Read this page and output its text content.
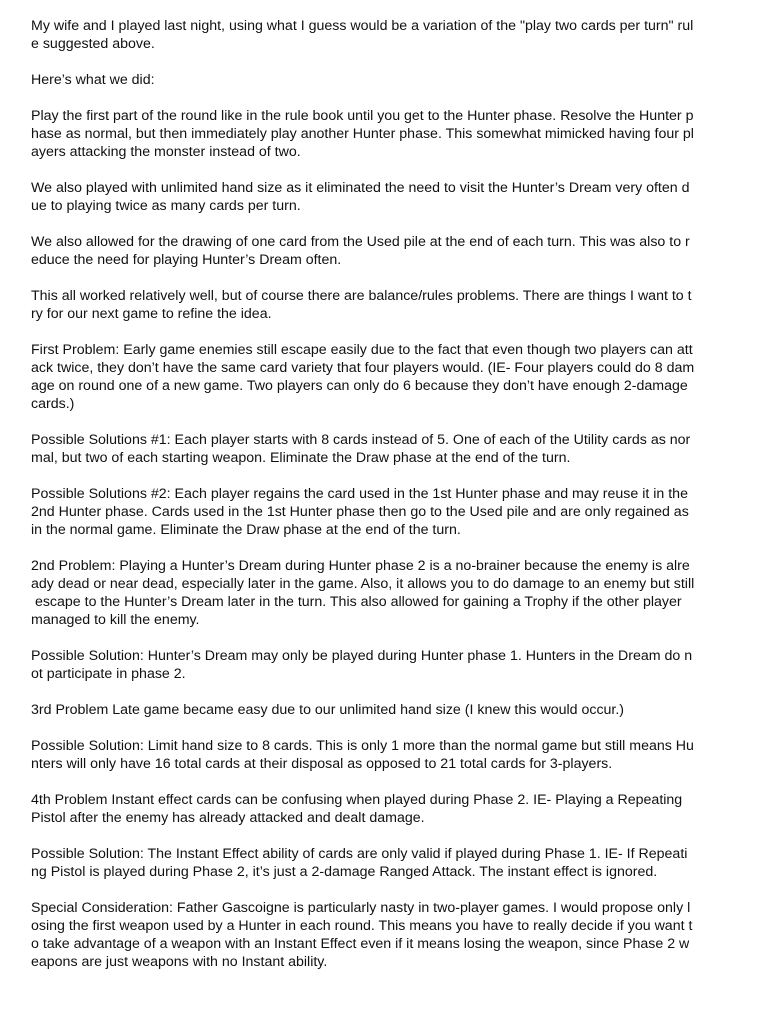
My wife and I played last night, using what I guess would be a variation of the "play two cards per turn" rul
e suggested above.
Here’s what we did:
Play the first part of the round like in the rule book until you get to the Hunter phase. Resolve the Hunter p
hase as normal, but then immediately play another Hunter phase. This somewhat mimicked having four pl
ayers attacking the monster instead of two.
We also played with unlimited hand size as it eliminated the need to visit the Hunter’s Dream very often d
ue to playing twice as many cards per turn.
We also allowed for the drawing of one card from the Used pile at the end of each turn. This was also to r
educe the need for playing Hunter’s Dream often.
This all worked relatively well, but of course there are balance/rules problems. There are things I want to t
ry for our next game to refine the idea.
First Problem: Early game enemies still escape easily due to the fact that even though two players can att
ack twice, they don’t have the same card variety that four players would. (IE- Four players could do 8 dam
age on round one of a new game. Two players can only do 6 because they don’t have enough 2-damage
cards.)
Possible Solutions #1: Each player starts with 8 cards instead of 5. One of each of the Utility cards as nor
mal, but two of each starting weapon. Eliminate the Draw phase at the end of the turn.
Possible Solutions #2: Each player regains the card used in the 1st Hunter phase and may reuse it in the
2nd Hunter phase. Cards used in the 1st Hunter phase then go to the Used pile and are only regained as
in the normal game. Eliminate the Draw phase at the end of the turn.
2nd Problem: Playing a Hunter’s Dream during Hunter phase 2 is a no-brainer because the enemy is alre
ady dead or near dead, especially later in the game. Also, it allows you to do damage to an enemy but still
escape to the Hunter’s Dream later in the turn. This also allowed for gaining a Trophy if the other player
managed to kill the enemy.
Possible Solution: Hunter’s Dream may only be played during Hunter phase 1. Hunters in the Dream do n
ot participate in phase 2.
3rd Problem Late game became easy due to our unlimited hand size (I knew this would occur.)
Possible Solution: Limit hand size to 8 cards. This is only 1 more than the normal game but still means Hu
nters will only have 16 total cards at their disposal as opposed to 21 total cards for 3-players.
4th Problem Instant effect cards can be confusing when played during Phase 2. IE- Playing a Repeating
Pistol after the enemy has already attacked and dealt damage.
Possible Solution: The Instant Effect ability of cards are only valid if played during Phase 1. IE- If Repeati
ng Pistol is played during Phase 2, it’s just a 2-damage Ranged Attack. The instant effect is ignored.
Special Consideration: Father Gascoigne is particularly nasty in two-player games. I would propose only l
osing the first weapon used by a Hunter in each round. This means you have to really decide if you want t
o take advantage of a weapon with an Instant Effect even if it means losing the weapon, since Phase 2 w
eapons are just weapons with no Instant ability.
